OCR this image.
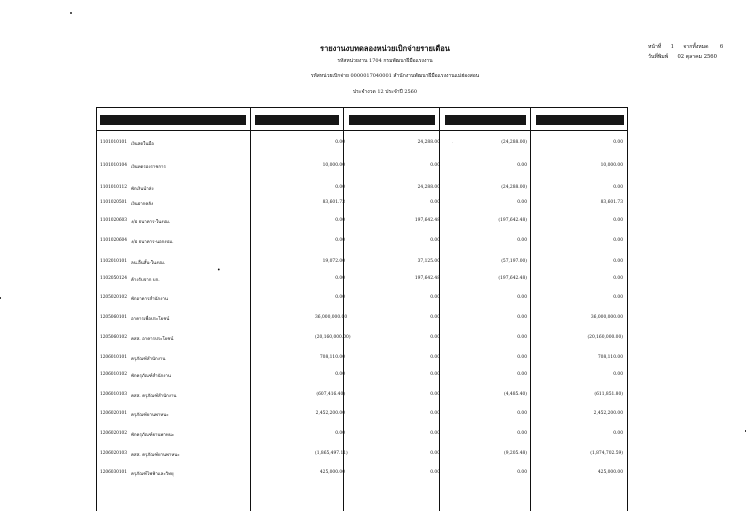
รายงานงบทดลองหน่วยเบิกจ่ายรายเดือน
รหัสหน่วยงาน 1704 กรมพัฒนาฝีมือแรงงาน
รหัสหน่วยเบิกจ่าย 0000017040001 สำนักงานพัฒนาฝีมือแรงงานแม่ฮ่องสอน
ประจำงวด 12 ประจำปี 2560
หน้าที่ 1 จากทั้งหมด 6
วันที่พิมพ์ 02 ตุลาคม 2560
1101010101 เงินสดในมือ	0.00	24,288.00	(24,288.00)	0.00
1101010104 เงินทดรองราชการ	10,000.00	0.00	0.00	10,000.00
1101010112 พักเงินนำส่ง	0.00	24,288.00	(24,288.00)	0.00
1101020501 เงินฝากคลัง	83,601.73	0.00	0.00	83,601.73
1101020603 ง/ฝ ธนาคาร-ในงปม.	0.00	197,642.48	(197,642.48)	0.00
1101020604 ง/ฝ ธนาคาร-นอกงปม.	0.00	0.00	0.00	0.00
1102010101 ลน.อื่นสั้น-ในงปม.	19,072.00	37,125.00	(57,197.00)	0.00
1102050124 ค้างรับจาก บก.	0.00	197,642.48	(197,642.48)	0.00
1205020102 พักอาคารสำนักงาน	0.00	0.00	0.00	0.00
1205060101 อาคารเพื่อประโยชน์	36,000,000.00	0.00	0.00	36,000,000.00
1205060102 คสส. อาคารประโยชน์	(20,160,000.00)	0.00	0.00	(20,160,000.00)
1206010101 ครุภัณฑ์สำนักงาน	708,110.00	0.00	0.00	708,110.00
1206010102 พักครุภัณฑ์สำนักงาน	0.00	0.00	0.00	0.00
1206010103 คสส. ครุภัณฑ์สำนักงาน	(607,416.40)	0.00	(4,485.40)	(611,851.80)
1206020101 ครุภัณฑ์ยานพาหนะ	2,452,200.00	0.00	0.00	2,452,200.00
1206020102 พักครุภัณฑ์ยานพาหนะ	0.00	0.00	0.00	0.00
1206020103 คสส. ครุภัณฑ์ยานพาหนะ	(1,865,497.11)	0.00	(9,205.48)	(1,874,702.59)
1206030101 ครุภัณฑ์ไฟฟ้าและวิทยุ	425,000.00	0.00	0.00	425,000.00
•
·
